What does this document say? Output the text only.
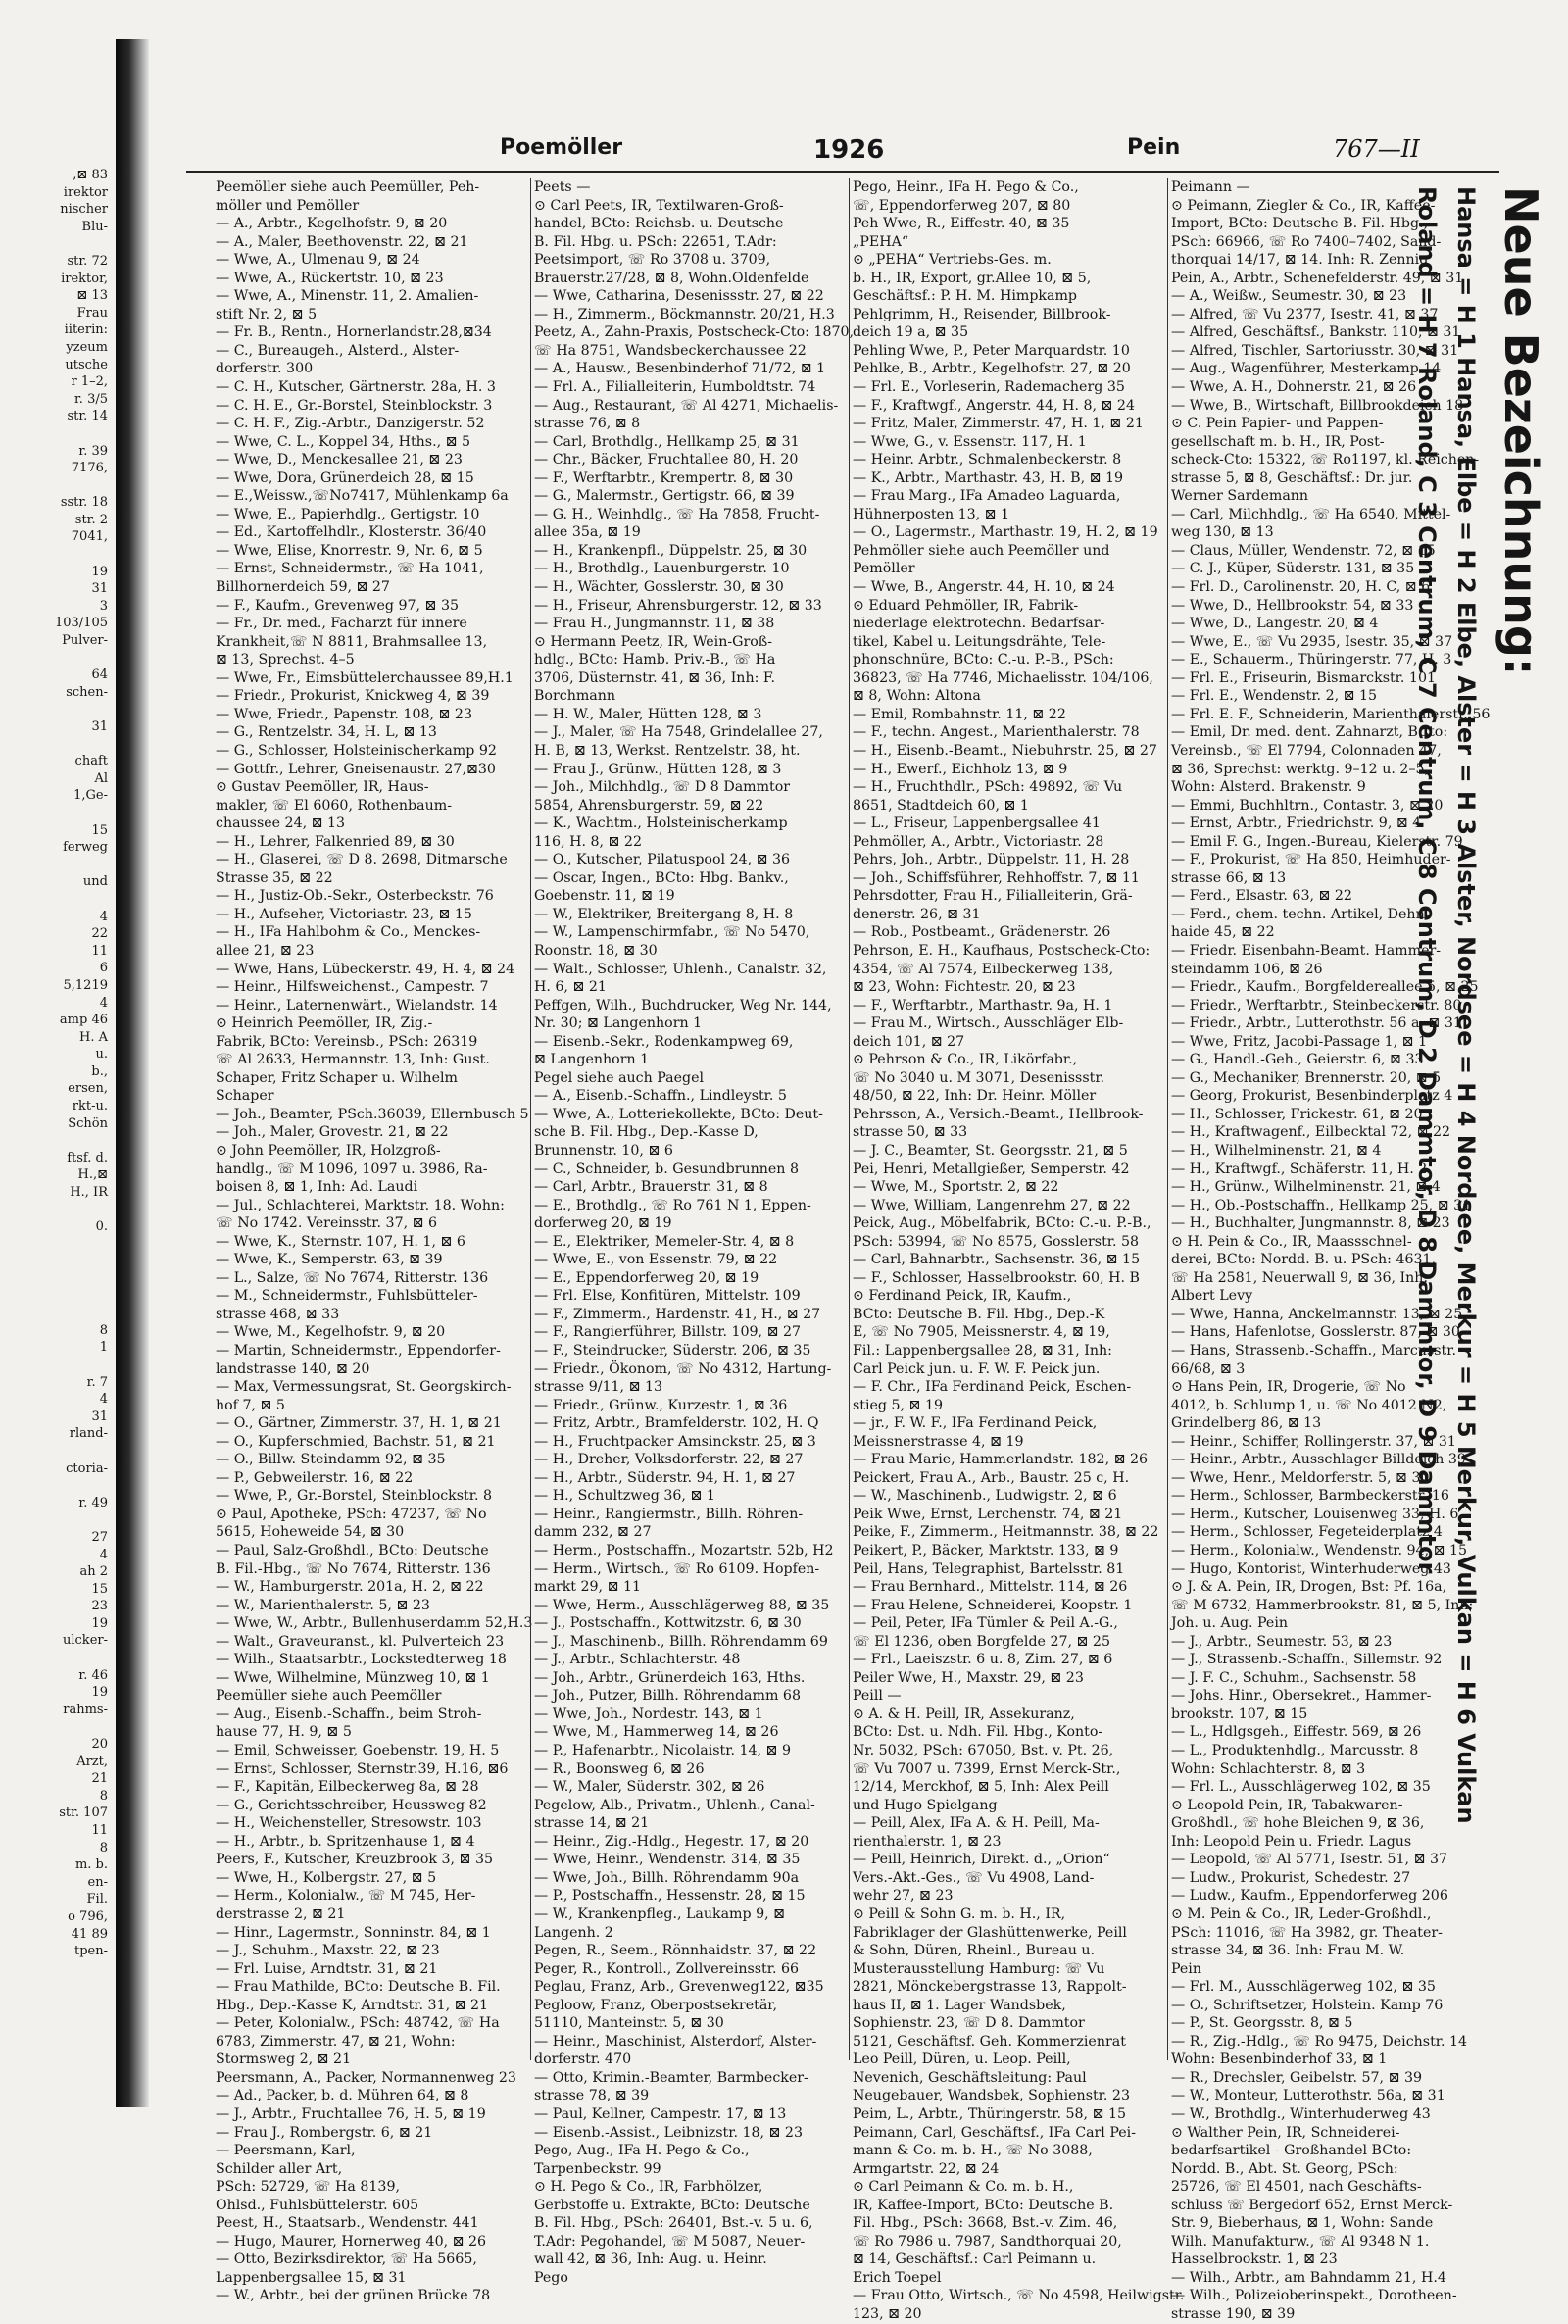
,⊠ 83
irektor
nischer
Blu-
str. 72
irektor,
⊠ 13
Frau
iiterin:
yzeum
utsche
r 1–2,
r. 3/5
str. 14
r. 39
7176,
sstr. 18
str. 2
7041,
19
31
3
103/105
Pulver-
64
schen-
31
chaft
Al
1,Ge-
15
ferweg
und
4
22
11
6
5,1219
4
amp 46
H. A
u.
b.,
ersen,
rkt-u.
Schön
ftsf. d.
H.,⊠
H., IR
0.
8
1
r. 7
4
31
rland-
ctoria-
r. 49
27
4
ah 2
15
23
19
ulcker-
r. 46
19
rahms-
20
Arzt,
21
8
str. 107
11
8
m. b.
en-
Fil.
o 796,
41 89
tpen-
Poemöller	1926	Pein	767—II
Peemöller siehe auch Peemüller, Peh-
möller und Pemöller
— A., Arbtr., Kegelhofstr. 9, ⊠ 20
— A., Maler, Beethovenstr. 22, ⊠ 21
— Wwe, A., Ulmenau 9, ⊠ 24
— Wwe, A., Rückertstr. 10, ⊠ 23
— Wwe, A., Minenstr. 11, 2. Amalien-
stift Nr. 2, ⊠ 5
— Fr. B., Rentn., Hornerlandstr.28,⊠34
— C., Bureaugeh., Alsterd., Alster-
dorferstr. 300
— C. H., Kutscher, Gärtnerstr. 28a, H. 3
— C. H. E., Gr.-Borstel, Steinblockstr. 3
— C. H. F., Zig.-Arbtr., Danzigerstr. 52
— Wwe, C. L., Koppel 34, Hths., ⊠ 5
— Wwe, D., Menckesallee 21, ⊠ 23
— Wwe, Dora, Grünerdeich 28, ⊠ 15
— E.,Weissw.,☏No7417, Mühlenkamp 6a
— Wwe, E., Papierhdlg., Gertigstr. 10
— Ed., Kartoffelhdlr., Klosterstr. 36/40
— Wwe, Elise, Knorrestr. 9, Nr. 6, ⊠ 5
— Ernst, Schneidermstr., ☏ Ha 1041,
Billhornerdeich 59, ⊠ 27
— F., Kaufm., Grevenweg 97, ⊠ 35
— Fr., Dr. med., Facharzt für innere
Krankheit,☏ N 8811, Brahmsallee 13,
⊠ 13, Sprechst. 4–5
— Wwe, Fr., Eimsbüttelerchaussee 89,H.1
— Friedr., Prokurist, Knickweg 4, ⊠ 39
— Wwe, Friedr., Papenstr. 108, ⊠ 23
— G., Rentzelstr. 34, H. L, ⊠ 13
— G., Schlosser, Holsteinischerkamp 92
— Gottfr., Lehrer, Gneisenaustr. 27,⊠30
⊙ Gustav Peemöller, IR, Haus-
makler, ☏ El 6060, Rothenbaum-
chaussee 24, ⊠ 13
— H., Lehrer, Falkenried 89, ⊠ 30
— H., Glaserei, ☏ D 8. 2698, Ditmarsche
Strasse 35, ⊠ 22
— H., Justiz-Ob.-Sekr., Osterbeckstr. 76
— H., Aufseher, Victoriastr. 23, ⊠ 15
— H., IFa Hahlbohm & Co., Menckes-
allee 21, ⊠ 23
— Wwe, Hans, Lübeckerstr. 49, H. 4, ⊠ 24
— Heinr., Hilfsweichenst., Campestr. 7
— Heinr., Laternenwärt., Wielandstr. 14
⊙ Heinrich Peemöller, IR, Zig.-
Fabrik, BCto: Vereinsb., PSch: 26319
☏ Al 2633, Hermannstr. 13, Inh: Gust.
Schaper, Fritz Schaper u. Wilhelm
Schaper
— Joh., Beamter, PSch.36039, Ellernbusch 5
— Joh., Maler, Grovestr. 21, ⊠ 22
⊙ John Peemöller, IR, Holzgroß-
handlg., ☏ M 1096, 1097 u. 3986, Ra-
boisen 8, ⊠ 1, Inh: Ad. Laudi
— Jul., Schlachterei, Marktstr. 18. Wohn:
☏ No 1742. Vereinsstr. 37, ⊠ 6
— Wwe, K., Sternstr. 107, H. 1, ⊠ 6
— Wwe, K., Semperstr. 63, ⊠ 39
— L., Salze, ☏ No 7674, Ritterstr. 136
— M., Schneidermstr., Fuhlsbütteler-
strasse 468, ⊠ 33
— Wwe, M., Kegelhofstr. 9, ⊠ 20
— Martin, Schneidermstr., Eppendorfer-
landstrasse 140, ⊠ 20
— Max, Vermessungsrat, St. Georgskirch-
hof 7, ⊠ 5
— O., Gärtner, Zimmerstr. 37, H. 1, ⊠ 21
— O., Kupferschmied, Bachstr. 51, ⊠ 21
— O., Billw. Steindamm 92, ⊠ 35
— P., Gebweilerstr. 16, ⊠ 22
— Wwe, P., Gr.-Borstel, Steinblockstr. 8
⊙ Paul, Apotheke, PSch: 47237, ☏ No
5615, Hoheweide 54, ⊠ 30
— Paul, Salz-Großhdl., BCto: Deutsche
B. Fil.-Hbg., ☏ No 7674, Ritterstr. 136
— W., Hamburgerstr. 201a, H. 2, ⊠ 22
— W., Marienthalerstr. 5, ⊠ 23
— Wwe, W., Arbtr., Bullenhuserdamm 52,H.3
— Walt., Graveuranst., kl. Pulverteich 23
— Wilh., Staatsarbtr., Lockstedterweg 18
— Wwe, Wilhelmine, Münzweg 10, ⊠ 1
Peemüller siehe auch Peemöller
— Aug., Eisenb.-Schaffn., beim Stroh-
hause 77, H. 9, ⊠ 5
— Emil, Schweisser, Goebenstr. 19, H. 5
— Ernst, Schlosser, Sternstr.39, H.16, ⊠6
— F., Kapitän, Eilbeckerweg 8a, ⊠ 28
— G., Gerichtsschreiber, Heussweg 82
— H., Weichensteller, Stresowstr. 103
— H., Arbtr., b. Spritzenhause 1, ⊠ 4
Peers, F., Kutscher, Kreuzbrook 3, ⊠ 35
— Wwe, H., Kolbergstr. 27, ⊠ 5
— Herm., Kolonialw., ☏ M 745, Her-
derstrasse 2, ⊠ 21
— Hinr., Lagermstr., Sonninstr. 84, ⊠ 1
— J., Schuhm., Maxstr. 22, ⊠ 23
— Frl. Luise, Arndtstr. 31, ⊠ 21
— Frau Mathilde, BCto: Deutsche B. Fil.
Hbg., Dep.-Kasse K, Arndtstr. 31, ⊠ 21
— Peter, Kolonialw., PSch: 48742, ☏ Ha
6783, Zimmerstr. 47, ⊠ 21, Wohn:
Stormsweg 2, ⊠ 21
Peersmann, A., Packer, Normannenweg 23
— Ad., Packer, b. d. Mühren 64, ⊠ 8
— J., Arbtr., Fruchtallee 76, H. 5, ⊠ 19
— Frau J., Rombergstr. 6, ⊠ 21
— Peersmann, Karl,
Schilder aller Art,
PSch: 52729, ☏ Ha 8139,
Ohlsd., Fuhlsbüttelerstr. 605
Peest, H., Staatsarb., Wendenstr. 441
— Hugo, Maurer, Hornerweg 40, ⊠ 26
— Otto, Bezirksdirektor, ☏ Ha 5665,
Lappenbergsallee 15, ⊠ 31
— W., Arbtr., bei der grünen Brücke 78
Peets —
⊙ Carl Peets, IR, Textilwaren-Groß-
handel, BCto: Reichsb. u. Deutsche
B. Fil. Hbg. u. PSch: 22651, T.Adr:
Peetsimport, ☏ Ro 3708 u. 3709,
Brauerstr.27/28, ⊠ 8, Wohn.Oldenfelde
— Wwe, Catharina, Desenissstr. 27, ⊠ 22
— H., Zimmerm., Böckmannstr. 20/21, H.3
Peetz, A., Zahn-Praxis, Postscheck-Cto: 1870,
☏ Ha 8751, Wandsbeckerchaussee 22
— A., Hausw., Besenbinderhof 71/72, ⊠ 1
— Frl. A., Filialleiterin, Humboldtstr. 74
— Aug., Restaurant, ☏ Al 4271, Michaelis-
strasse 76, ⊠ 8
— Carl, Brothdlg., Hellkamp 25, ⊠ 31
— Chr., Bäcker, Fruchtallee 80, H. 20
— F., Werftarbtr., Krempertr. 8, ⊠ 30
— G., Malermstr., Gertigstr. 66, ⊠ 39
— G. H., Weinhdlg., ☏ Ha 7858, Frucht-
allee 35a, ⊠ 19
— H., Krankenpfl., Düppelstr. 25, ⊠ 30
— H., Brothdlg., Lauenburgerstr. 10
— H., Wächter, Gosslerstr. 30, ⊠ 30
— H., Friseur, Ahrensburgerstr. 12, ⊠ 33
— Frau H., Jungmannstr. 11, ⊠ 38
⊙ Hermann Peetz, IR, Wein-Groß-
hdlg., BCto: Hamb. Priv.-B., ☏ Ha
3706, Düsternstr. 41, ⊠ 36, Inh: F.
Borchmann
— H. W., Maler, Hütten 128, ⊠ 3
— J., Maler, ☏ Ha 7548, Grindelallee 27,
H. B, ⊠ 13, Werkst. Rentzelstr. 38, ht.
— Frau J., Grünw., Hütten 128, ⊠ 3
— Joh., Milchhdlg., ☏ D 8 Dammtor
5854, Ahrensburgerstr. 59, ⊠ 22
— K., Wachtm., Holsteinischerkamp
116, H. 8, ⊠ 22
— O., Kutscher, Pilatuspool 24, ⊠ 36
— Oscar, Ingen., BCto: Hbg. Bankv.,
Goebenstr. 11, ⊠ 19
— W., Elektriker, Breitergang 8, H. 8
— W., Lampenschirmfabr., ☏ No 5470,
Roonstr. 18, ⊠ 30
— Walt., Schlosser, Uhlenh., Canalstr. 32,
H. 6, ⊠ 21
Peffgen, Wilh., Buchdrucker, Weg Nr. 144,
Nr. 30; ⊠ Langenhorn 1
— Eisenb.-Sekr., Rodenkampweg 69,
⊠ Langenhorn 1
Pegel siehe auch Paegel
— A., Eisenb.-Schaffn., Lindleystr. 5
— Wwe, A., Lotteriekollekte, BCto: Deut-
sche B. Fil. Hbg., Dep.-Kasse D,
Brunnenstr. 10, ⊠ 6
— C., Schneider, b. Gesundbrunnen 8
— Carl, Arbtr., Brauerstr. 31, ⊠ 8
— E., Brothdlg., ☏ Ro 761 N 1, Eppen-
dorferweg 20, ⊠ 19
— E., Elektriker, Memeler-Str. 4, ⊠ 8
— Wwe, E., von Essenstr. 79, ⊠ 22
— E., Eppendorferweg 20, ⊠ 19
— Frl. Else, Konfitüren, Mittelstr. 109
— F., Zimmerm., Hardenstr. 41, H., ⊠ 27
— F., Rangierführer, Billstr. 109, ⊠ 27
— F., Steindrucker, Süderstr. 206, ⊠ 35
— Friedr., Ökonom, ☏ No 4312, Hartung-
strasse 9/11, ⊠ 13
— Friedr., Grünw., Kurzestr. 1, ⊠ 36
— Fritz, Arbtr., Bramfelderstr. 102, H. Q
— H., Fruchtpacker Amsinckstr. 25, ⊠ 3
— H., Dreher, Volksdorferstr. 22, ⊠ 27
— H., Arbtr., Süderstr. 94, H. 1, ⊠ 27
— H., Schultzweg 36, ⊠ 1
— Heinr., Rangiermstr., Billh. Röhren-
damm 232, ⊠ 27
— Herm., Postschaffn., Mozartstr. 52b, H2
— Herm., Wirtsch., ☏ Ro 6109. Hopfen-
markt 29, ⊠ 11
— Wwe, Herm., Ausschlägerweg 88, ⊠ 35
— J., Postschaffn., Kottwitzstr. 6, ⊠ 30
— J., Maschinenb., Billh. Röhrendamm 69
— J., Arbtr., Schlachterstr. 48
— Joh., Arbtr., Grünerdeich 163, Hths.
— Joh., Putzer, Billh. Röhrendamm 68
— Wwe, Joh., Nordestr. 143, ⊠ 1
— Wwe, M., Hammerweg 14, ⊠ 26
— P., Hafenarbtr., Nicolaistr. 14, ⊠ 9
— R., Boonsweg 6, ⊠ 26
— W., Maler, Süderstr. 302, ⊠ 26
Pegelow, Alb., Privatm., Uhlenh., Canal-
strasse 14, ⊠ 21
— Heinr., Zig.-Hdlg., Hegestr. 17, ⊠ 20
— Wwe, Heinr., Wendenstr. 314, ⊠ 35
— Wwe, Joh., Billh. Röhrendamm 90a
— P., Postschaffn., Hessenstr. 28, ⊠ 15
— W., Krankenpfleg., Laukamp 9, ⊠
Langenh. 2
Pegen, R., Seem., Rönnhaidstr. 37, ⊠ 22
Peger, R., Kontroll., Zollvereinsstr. 66
Peglau, Franz, Arb., Grevenweg122, ⊠35
Pegloow, Franz, Oberpostsekretär,
51110, Manteinstr. 5, ⊠ 30
— Heinr., Maschinist, Alsterdorf, Alster-
dorferstr. 470
— Otto, Krimin.-Beamter, Barmbecker-
strasse 78, ⊠ 39
— Paul, Kellner, Campestr. 17, ⊠ 13
— Eisenb.-Assist., Leibnizstr. 18, ⊠ 23
Pego, Aug., IFa H. Pego & Co.,
Tarpenbeckstr. 99
⊙ H. Pego & Co., IR, Farbhölzer,
Gerbstoffe u. Extrakte, BCto: Deutsche
B. Fil. Hbg., PSch: 26401, Bst.-v. 5 u. 6,
T.Adr: Pegohandel, ☏ M 5087, Neuer-
wall 42, ⊠ 36, Inh: Aug. u. Heinr.
Pego
Pego, Heinr., IFa H. Pego & Co.,
☏, Eppendorferweg 207, ⊠ 80
Peh Wwe, R., Eiffestr. 40, ⊠ 35
„PEHA“
⊙ „PEHA“ Vertriebs-Ges. m.
b. H., IR, Export, gr.Allee 10, ⊠ 5,
Geschäftsf.: P. H. M. Himpkamp
Pehlgrimm, H., Reisender, Billbrook-
deich 19 a, ⊠ 35
Pehling Wwe, P., Peter Marquardstr. 10
Pehlke, B., Arbtr., Kegelhofstr. 27, ⊠ 20
— Frl. E., Vorleserin, Rademacherg 35
— F., Kraftwgf., Angerstr. 44, H. 8, ⊠ 24
— Fritz, Maler, Zimmerstr. 47, H. 1, ⊠ 21
— Wwe, G., v. Essenstr. 117, H. 1
— Heinr. Arbtr., Schmalenbeckerstr. 8
— K., Arbtr., Marthastr. 43, H. B, ⊠ 19
— Frau Marg., IFa Amadeo Laguarda,
Hühnerposten 13, ⊠ 1
— O., Lagermstr., Marthastr. 19, H. 2, ⊠ 19
Pehmöller siehe auch Peemöller und
Pemöller
— Wwe, B., Angerstr. 44, H. 10, ⊠ 24
⊙ Eduard Pehmöller, IR, Fabrik-
niederlage elektrotechn. Bedarfsar-
tikel, Kabel u. Leitungsdrähte, Tele-
phonschnüre, BCto: C.-u. P.-B., PSch:
36823, ☏ Ha 7746, Michaelisstr. 104/106,
⊠ 8, Wohn: Altona
— Emil, Rombahnstr. 11, ⊠ 22
— F., techn. Angest., Marienthalerstr. 78
— H., Eisenb.-Beamt., Niebuhrstr. 25, ⊠ 27
— H., Ewerf., Eichholz 13, ⊠ 9
— H., Fruchthdlr., PSch: 49892, ☏ Vu
8651, Stadtdeich 60, ⊠ 1
— L., Friseur, Lappenbergsallee 41
Pehmöller, A., Arbtr., Victoriastr. 28
Pehrs, Joh., Arbtr., Düppelstr. 11, H. 28
— Joh., Schiffsführer, Rehhoffstr. 7, ⊠ 11
Pehrsdotter, Frau H., Filialleiterin, Grä-
denerstr. 26, ⊠ 31
— Rob., Postbeamt., Grädenerstr. 26
Pehrson, E. H., Kaufhaus, Postscheck-Cto:
4354, ☏ Al 7574, Eilbeckerweg 138,
⊠ 23, Wohn: Fichtestr. 20, ⊠ 23
— F., Werftarbtr., Marthastr. 9a, H. 1
— Frau M., Wirtsch., Ausschläger Elb-
deich 101, ⊠ 27
⊙ Pehrson & Co., IR, Likörfabr.,
☏ No 3040 u. M 3071, Desenissstr.
48/50, ⊠ 22, Inh: Dr. Heinr. Möller
Pehrsson, A., Versich.-Beamt., Hellbrook-
strasse 50, ⊠ 33
— J. C., Beamter, St. Georgsstr. 21, ⊠ 5
Pei, Henri, Metallgießer, Semperstr. 42
— Wwe, M., Sportstr. 2, ⊠ 22
— Wwe, William, Langenrehm 27, ⊠ 22
Peick, Aug., Möbelfabrik, BCto: C.-u. P.-B.,
PSch: 53994, ☏ No 8575, Gosslerstr. 58
— Carl, Bahnarbtr., Sachsenstr. 36, ⊠ 15
— F., Schlosser, Hasselbrookstr. 60, H. B
⊙ Ferdinand Peick, IR, Kaufm.,
BCto: Deutsche B. Fil. Hbg., Dep.-K
E, ☏ No 7905, Meissnerstr. 4, ⊠ 19,
Fil.: Lappenbergsallee 28, ⊠ 31, Inh:
Carl Peick jun. u. F. W. F. Peick jun.
— F. Chr., IFa Ferdinand Peick, Eschen-
stieg 5, ⊠ 19
— jr., F. W. F., IFa Ferdinand Peick,
Meissnerstrasse 4, ⊠ 19
— Frau Marie, Hammerlandstr. 182, ⊠ 26
Peickert, Frau A., Arb., Baustr. 25 c, H.
— W., Maschinenb., Ludwigstr. 2, ⊠ 6
Peik Wwe, Ernst, Lerchenstr. 74, ⊠ 21
Peike, F., Zimmerm., Heitmannstr. 38, ⊠ 22
Peikert, P., Bäcker, Marktstr. 133, ⊠ 9
Peil, Hans, Telegraphist, Bartelsstr. 81
— Frau Bernhard., Mittelstr. 114, ⊠ 26
— Frau Helene, Schneiderei, Koopstr. 1
— Peil, Peter, IFa Tümler & Peil A.-G.,
☏ El 1236, oben Borgfelde 27, ⊠ 25
— Frl., Laeiszstr. 6 u. 8, Zim. 27, ⊠ 6
Peiler Wwe, H., Maxstr. 29, ⊠ 23
Peill —
⊙ A. & H. Peill, IR, Assekuranz,
BCto: Dst. u. Ndh. Fil. Hbg., Konto-
Nr. 5032, PSch: 67050, Bst. v. Pt. 26,
☏ Vu 7007 u. 7399, Ernst Merck-Str.,
12/14, Merckhof, ⊠ 5, Inh: Alex Peill
und Hugo Spielgang
— Peill, Alex, IFa A. & H. Peill, Ma-
rienthalerstr. 1, ⊠ 23
— Peill, Heinrich, Direkt. d., „Orion“
Vers.-Akt.-Ges., ☏ Vu 4908, Land-
wehr 27, ⊠ 23
⊙ Peill & Sohn G. m. b. H., IR,
Fabriklager der Glashüttenwerke, Peill
& Sohn, Düren, Rheinl., Bureau u.
Musterausstellung Hamburg: ☏ Vu
2821, Mönckebergstrasse 13, Rappolt-
haus II, ⊠ 1. Lager Wandsbek,
Sophienstr. 23, ☏ D 8. Dammtor
5121, Geschäftsf. Geh. Kommerzienrat
Leo Peill, Düren, u. Leop. Peill,
Nevenich, Geschäftsleitung: Paul
Neugebauer, Wandsbek, Sophienstr. 23
Peim, L., Arbtr., Thüringerstr. 58, ⊠ 15
Peimann, Carl, Geschäftsf., IFa Carl Pei-
mann & Co. m. b. H., ☏ No 3088,
Armgartstr. 22, ⊠ 24
⊙ Carl Peimann & Co. m. b. H.,
IR, Kaffee-Import, BCto: Deutsche B.
Fil. Hbg., PSch: 3668, Bst.-v. Zim. 46,
☏ Ro 7986 u. 7987, Sandthorquai 20,
⊠ 14, Geschäftsf.: Carl Peimann u.
Erich Toepel
— Frau Otto, Wirtsch., ☏ No 4598, Heilwigstr.
123, ⊠ 20
Peimann —
⊙ Peimann, Ziegler & Co., IR, Kaffee-
Import, BCto: Deutsche B. Fil. Hbg.,
PSch: 66966, ☏ Ro 7400–7402, Sand-
thorquai 14/17, ⊠ 14. Inh: R. Zennig
Pein, A., Arbtr., Schenefelderstr. 49, ⊠ 31
— A., Weißw., Seumestr. 30, ⊠ 23
— Alfred, ☏ Vu 2377, Isestr. 41, ⊠ 37
— Alfred, Geschäftsf., Bankstr. 110, ⊠ 31
— Alfred, Tischler, Sartoriusstr. 30, ⊠ 31
— Aug., Wagenführer, Mesterkamp 14
— Wwe, A. H., Dohnerstr. 21, ⊠ 26
— Wwe, B., Wirtschaft, Billbrookdeich 18
⊙ C. Pein Papier- und Pappen-
gesellschaft m. b. H., IR, Post-
scheck-Cto: 15322, ☏ Ro1197, kl. Reichen-
strasse 5, ⊠ 8, Geschäftsf.: Dr. jur.
Werner Sardemann
— Carl, Milchhdlg., ☏ Ha 6540, Mittel-
weg 130, ⊠ 13
— Claus, Müller, Wendenstr. 72, ⊠ 15
— C. J., Küper, Süderstr. 131, ⊠ 35
— Frl. D., Carolinenstr. 20, H. C, ⊠ 6
— Wwe, D., Hellbrookstr. 54, ⊠ 33
— Wwe, D., Langestr. 20, ⊠ 4
— Wwe, E., ☏ Vu 2935, Isestr. 35, ⊠ 37
— E., Schauerm., Thüringerstr. 77, H. 3
— Frl. E., Friseurin, Bismarckstr. 101
— Frl. E., Wendenstr. 2, ⊠ 15
— Frl. E. F., Schneiderin, Marienthalerstr. 56
— Emil, Dr. med. dent. Zahnarzt, BCto:
Vereinsb., ☏ El 7794, Colonnaden 47,
⊠ 36, Sprechst: werktg. 9–12 u. 2–5,
Wohn: Alsterd. Brakenstr. 9
— Emmi, Buchhltrn., Contastr. 3, ⊠ 20
— Ernst, Arbtr., Friedrichstr. 9, ⊠ 4
— Emil F. G., Ingen.-Bureau, Kielerstr. 79
— F., Prokurist, ☏ Ha 850, Heimhuder-
strasse 66, ⊠ 13
— Ferd., Elsastr. 63, ⊠ 22
— Ferd., chem. techn. Artikel, Dehn-
haide 45, ⊠ 22
— Friedr. Eisenbahn-Beamt. Hammer-
steindamm 106, ⊠ 26
— Friedr., Kaufm., Borgfeldereallee 5, ⊠ 25
— Friedr., Werftarbtr., Steinbeckerstr. 80
— Friedr., Arbtr., Lutterothstr. 56 a, ⊠ 31
— Wwe, Fritz, Jacobi-Passage 1, ⊠ 1
— G., Handl.-Geh., Geierstr. 6, ⊠ 33
— G., Mechaniker, Brennerstr. 20, ⊠ 5
— Georg, Prokurist, Besenbinderplatz 4
— H., Schlosser, Frickestr. 61, ⊠ 20
— H., Kraftwagenf., Eilbecktal 72, ⊠ 22
— H., Wilhelminenstr. 21, ⊠ 4
— H., Kraftwgf., Schäferstr. 11, H. 2
— H., Grünw., Wilhelminenstr. 21, ⊠ 4
— H., Ob.-Postschaffn., Hellkamp 25, ⊠ 31
— H., Buchhalter, Jungmannstr. 8, ⊠ 23
⊙ H. Pein & Co., IR, Maassschnel-
derei, BCto: Nordd. B. u. PSch: 4631,
☏ Ha 2581, Neuerwall 9, ⊠ 36, Inh:
Albert Levy
— Wwe, Hanna, Anckelmannstr. 13, ⊠ 25
— Hans, Hafenlotse, Gosslerstr. 87, ⊠ 30
— Hans, Strassenb.-Schaffn., Marcusstr.
66/68, ⊠ 3
⊙ Hans Pein, IR, Drogerie, ☏ No
4012, b. Schlump 1, u. ☏ No 4012 N2,
Grindelberg 86, ⊠ 13
— Heinr., Schiffer, Rollingerstr. 37, ⊠ 31
— Heinr., Arbtr., Ausschlager Billdeich 39
— Wwe, Henr., Meldorferstr. 5, ⊠ 30
— Herm., Schlosser, Barmbeckerstr. 16
— Herm., Kutscher, Louisenweg 33, H. 6
— Herm., Schlosser, Fegeteiderplatz 4
— Herm., Kolonialw., Wendenstr. 94, ⊠ 15
— Hugo, Kontorist, Winterhuderweg 43
⊙ J. & A. Pein, IR, Drogen, Bst: Pf. 16a,
☏ M 6732, Hammerbrookstr. 81, ⊠ 5, Inh:
Joh. u. Aug. Pein
— J., Arbtr., Seumestr. 53, ⊠ 23
— J., Strassenb.-Schaffn., Sillemstr. 92
— J. F. C., Schuhm., Sachsenstr. 58
— Johs. Hinr., Obersekret., Hammer-
brookstr. 107, ⊠ 15
— L., Hdlgsgeh., Eiffestr. 569, ⊠ 26
— L., Produktenhdlg., Marcusstr. 8
Wohn: Schlachterstr. 8, ⊠ 3
— Frl. L., Ausschlägerweg 102, ⊠ 35
⊙ Leopold Pein, IR, Tabakwaren-
Großhdl., ☏ hohe Bleichen 9, ⊠ 36,
Inh: Leopold Pein u. Friedr. Lagus
— Leopold, ☏ Al 5771, Isestr. 51, ⊠ 37
— Ludw., Prokurist, Schedestr. 27
— Ludw., Kaufm., Eppendorferweg 206
⊙ M. Pein & Co., IR, Leder-Großhdl.,
PSch: 11016, ☏ Ha 3982, gr. Theater-
strasse 34, ⊠ 36. Inh: Frau M. W.
Pein
— Frl. M., Ausschlägerweg 102, ⊠ 35
— O., Schriftsetzer, Holstein. Kamp 76
— P., St. Georgsstr. 8, ⊠ 5
— R., Zig.-Hdlg., ☏ Ro 9475, Deichstr. 14
Wohn: Besenbinderhof 33, ⊠ 1
— R., Drechsler, Geibelstr. 57, ⊠ 39
— W., Monteur, Lutterothstr. 56a, ⊠ 31
— W., Brothdlg., Winterhuderweg 43
⊙ Walther Pein, IR, Schneiderei-
bedarfsartikel - Großhandel BCto:
Nordd. B., Abt. St. Georg, PSch:
25726, ☏ El 4501, nach Geschäfts-
schluss ☏ Bergedorf 652, Ernst Merck-
Str. 9, Bieberhaus, ⊠ 1, Wohn: Sande
Wilh. Manufakturw., ☏ Al 9348 N 1.
Hasselbrookstr. 1, ⊠ 23
— Wilh., Arbtr., am Bahndamm 21, H.4
— Wilh., Polizeioberinspekt., Dorotheen-
strasse 190, ⊠ 39
Neue Bezeichnung:
Hansa = H 1 Hansa, Elbe = H 2 Elbe, Alster = H 3 Alster, Nordsee = H 4 Nordsee, Merkur = H 5 Merkur, Vulkan = H 6 Vulkan
Roland = H 7 Roland, C 3 Centrum, C 7 Centrum, C 8 Centrum, D 2 Dammtor, D 8 Dammtor, D 9 Dammtor
